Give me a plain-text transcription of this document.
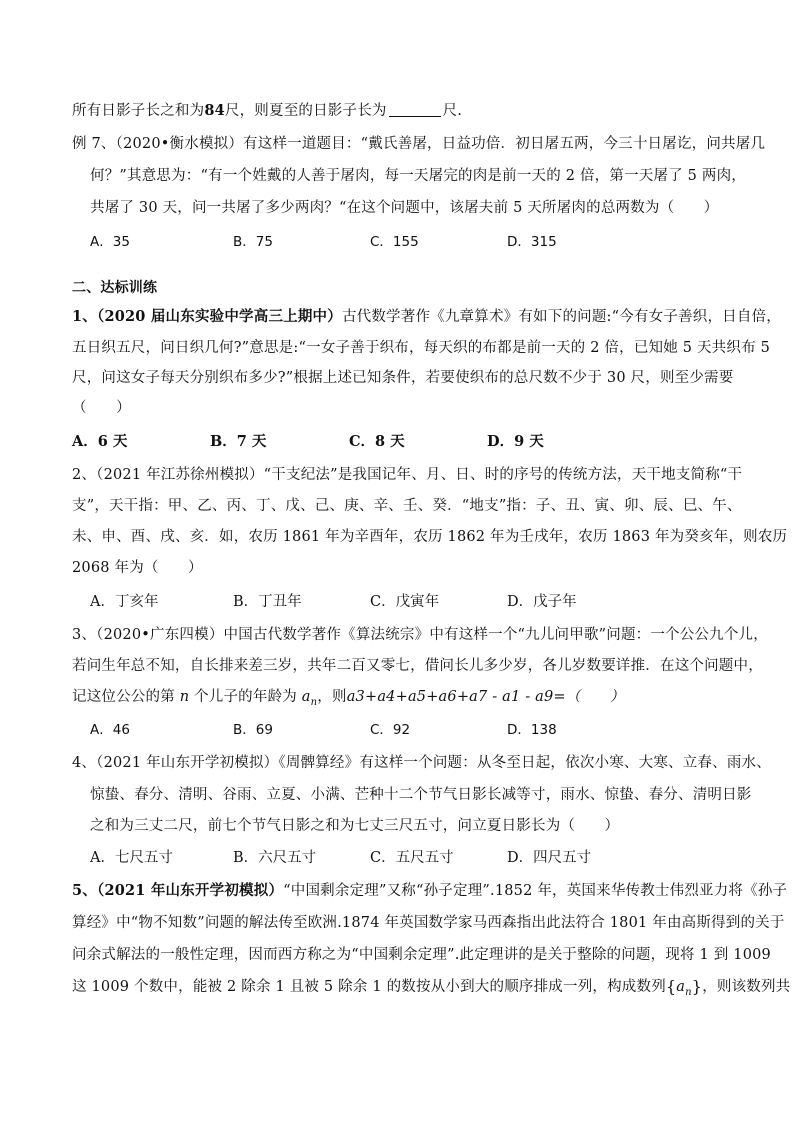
所有日影子长之和为84尺，则夏至的日影子长为	尺.
例 7、（2020•衡水模拟）有这样一道题目：“戴氏善屠，日益功倍．初日屠五两，今三十日屠讫，问共屠几
何？”其意思为：“有一个姓戴的人善于屠肉，每一天屠完的肉是前一天的 2 倍，第一天屠了 5 两肉，
共屠了 30 天，问一共屠了多少两肉？“在这个问题中，该屠夫前 5 天所屠肉的总两数为（　　）
A．35	B．75	C．155	D．315
二、达标训练
1、（2020 届山东实验中学高三上期中）古代数学著作《九章算术》有如下的问题:“今有女子善织，日自倍，
五日织五尺，问日织几何?”意思是:“一女子善于织布，每天织的布都是前一天的 2 倍，已知她 5 天共织布 5
尺，问这女子每天分别织布多少?”根据上述已知条件，若要使织布的总尺数不少于 30 尺，则至少需要
（　　）
A．6 天	B．7 天	C．8 天	D．9 天
2、（2021 年江苏徐州模拟）“干支纪法”是我国记年、月、日、时的序号的传统方法，天干地支简称“干
支”，天干指：甲、乙、丙、丁、戊、己、庚、辛、壬、癸．“地支”指：子、丑、寅、卯、辰、巳、午、
未、申、酉、戌、亥．如，农历 1861 年为辛酉年，农历 1862 年为壬戌年，农历 1863 年为癸亥年，则农历
2068 年为（　　）
A．丁亥年	B．丁丑年	C．戊寅年	D．戊子年
3、（2020•广东四模）中国古代数学著作《算法统宗》中有这样一个“九儿问甲歌”问题：一个公公九个儿，
若问生年总不知，自长排来差三岁，共年二百又零七，借问长儿多少岁，各儿岁数要详推．在这个问题中，
记这位公公的第 n 个儿子的年龄为 $a_n$，则a3+a4+a5+a6+a7 - a1 - a9=（　　）
A．46	B．69	C．92	D．138
4、（2021 年山东开学初模拟）《周髀算经》有这样一个问题：从冬至日起，依次小寒、大寒、立春、雨水、
惊蛰、春分、清明、谷雨、立夏、小满、芒种十二个节气日影长减等寸，雨水、惊蛰、春分、清明日影
之和为三丈二尺，前七个节气日影之和为七丈三尺五寸，问立夏日影长为（　　）
A．七尺五寸	B．六尺五寸	C．五尺五寸	D．四尺五寸
5、（2021 年山东开学初模拟）“中国剩余定理”又称“孙子定理”.1852 年，英国来华传教士伟烈亚力将《孙子
算经》中“物不知数”问题的解法传至欧洲.1874 年英国数学家马西森指出此法符合 1801 年由高斯得到的关于
问余式解法的一般性定理，因而西方称之为“中国剩余定理”.此定理讲的是关于整除的问题，现将 1 到 1009
这 1009 个数中，能被 2 除余 1 且被 5 除余 1 的数按从小到大的顺序排成一列，构成数列$\{a_n\}$，则该数列共
